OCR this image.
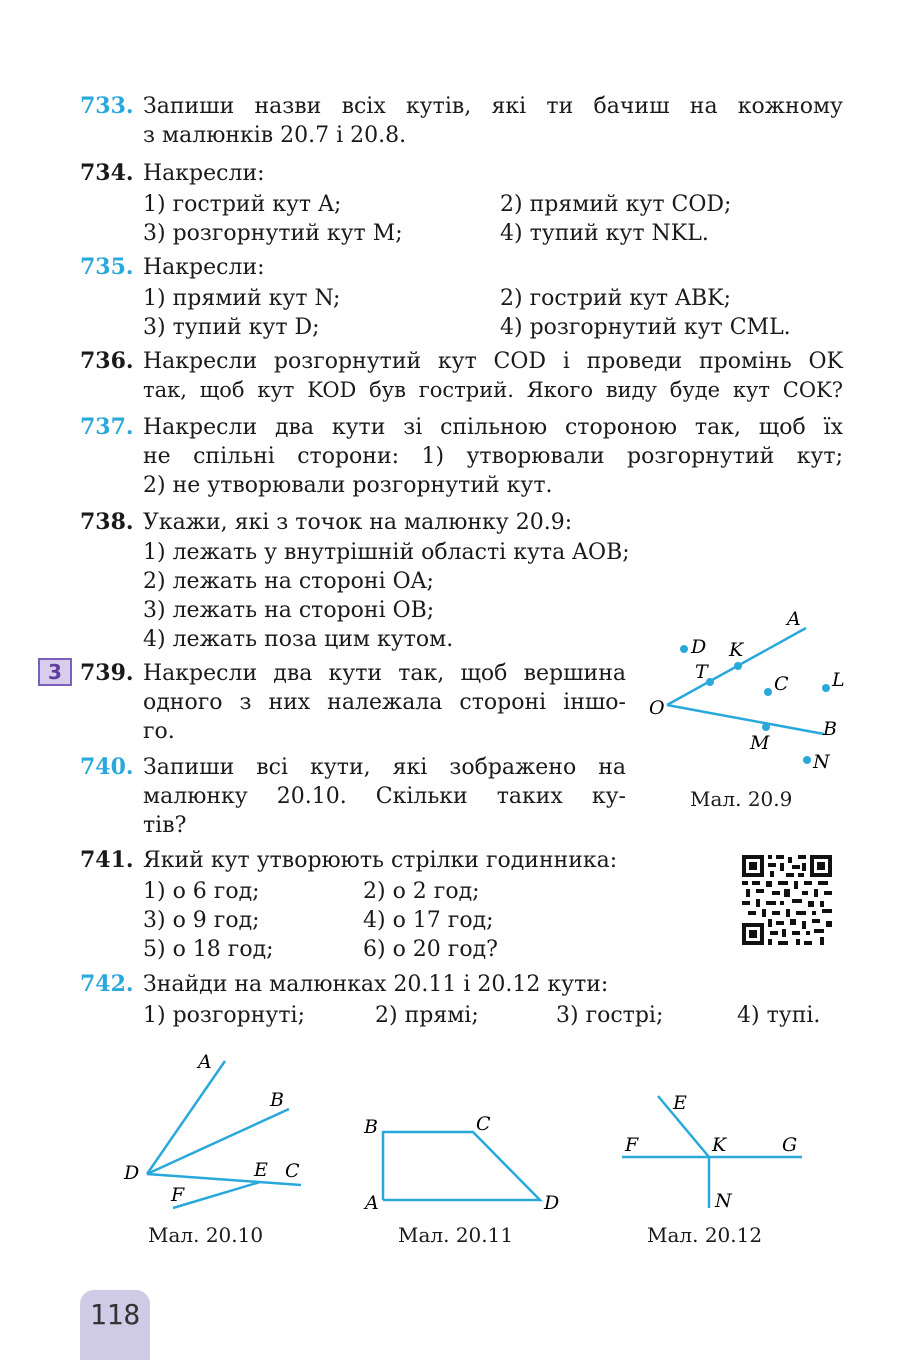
733. Запиши назви всіх кутів, які ти бачиш на кожному
з малюнків 20.7 і 20.8.
734. Накресли:
1) гострий кут A;	2) прямий кут COD;
3) розгорнутий кут M;	4) тупий кут NKL.
735. Накресли:
1) прямий кут N;	2) гострий кут ABK;
3) тупий кут D;	4) розгорнутий кут CML.
736. Накресли розгорнутий кут COD і проведи промінь OK
так, щоб кут KOD був гострий. Якого виду буде кут COK?
737. Накресли два кути зі спільною стороною так, щоб їх
не спільні сторони: 1) утворювали розгорнутий кут;
2) не утворювали розгорнутий кут.
738. Укажи, які з точок на малюнку 20.9:
1) лежать у внутрішній області кута AOB;
2) лежать на стороні OA;
3) лежать на стороні OB;
4) лежать поза цим кутом.
3 739. Накресли два кути так, щоб вершина
одного з них належала стороні іншо-
го.
740. Запиши всі кути, які зображено на
малюнку 20.10. Скільки таких ку-
тів?
A
B
O
K
T
C L
D
M
N
Мал. 20.9
741. Який кут утворюють стрілки годинника:
1) о 6 год;	2) о 2 год;
3) о 9 год;	4) о 17 год;
5) о 18 год;	6) о 20 год?
742. Знайди на малюнках 20.11 і 20.12 кути:
1) розгорнуті;	2) прямі;	3) гострі;	4) тупі.
A
B
C
D	E
F
Мал. 20.10
B	C
A	D
Мал. 20.11
E
F	K	G
N
Мал. 20.12
118
